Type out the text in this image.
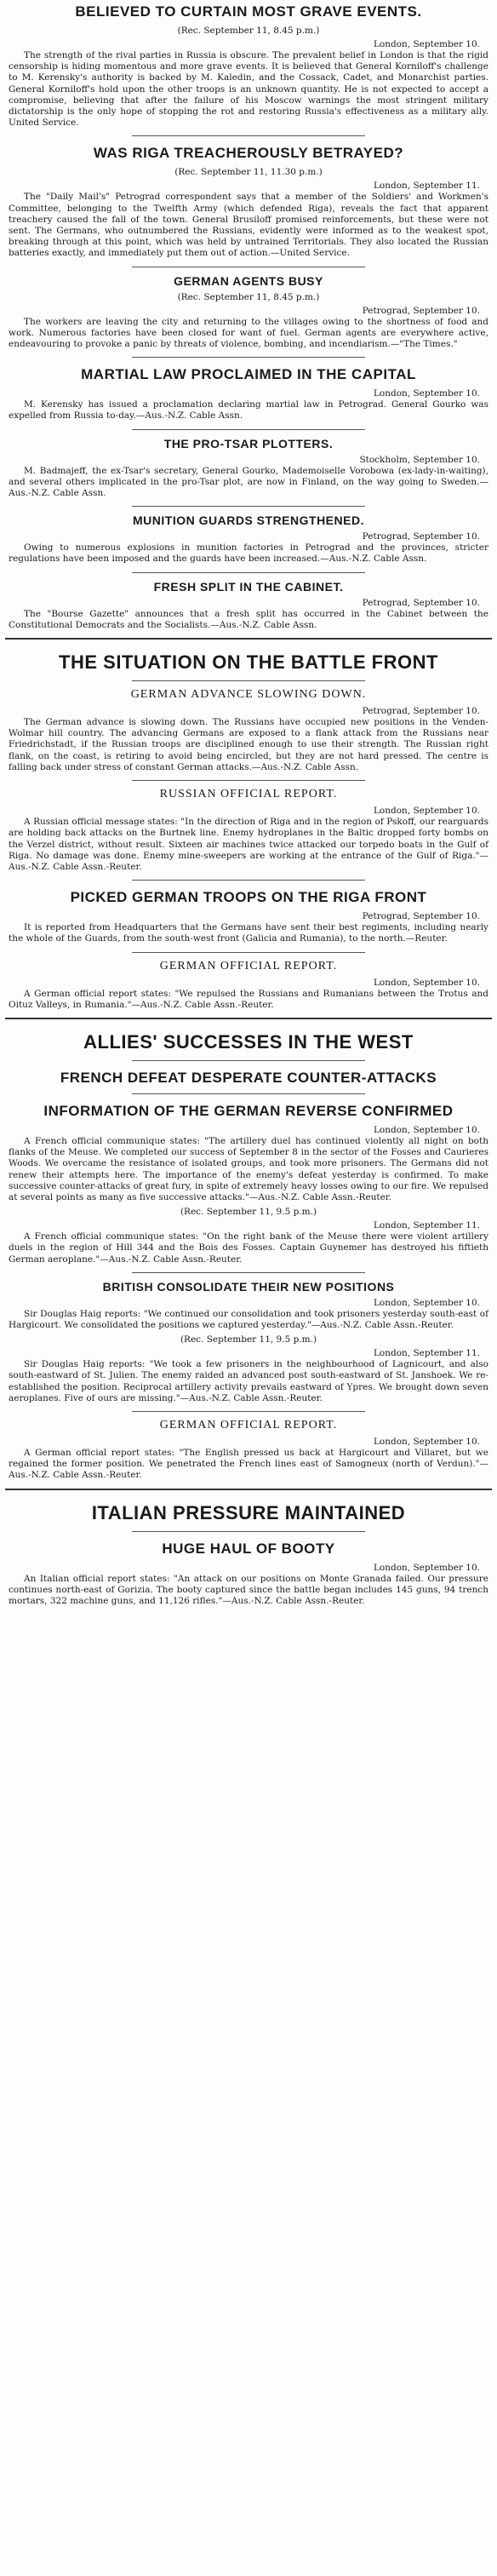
BELIEVED TO CURTAIN MOST GRAVE EVENTS.
(Rec. September 11, 8.45 p.m.)
London, September 10.

The strength of the rival parties in Russia is obscure. The prevalent belief in London is that the rigid censorship is hiding momentous and more grave events. It is believed that General Korniloff's challenge to M. Kerensky's authority is backed by M. Kaledin, and the Cossack, Cadet, and Monarchist parties. General Korniloff's hold upon the other troops is an unknown quantity. He is not expected to accept a compromise, believing that after the failure of his Moscow warnings the most stringent military dictatorship is the only hope of stopping the rot and restoring Russia's effectiveness as a military ally. United Service.

WAS RIGA TREACHEROUSLY BETRAYED?
(Rec. September 11, 11.30 p.m.)
London, September 11.

The "Daily Mail's" Petrograd correspondent says that a member of the Soldiers' and Workmen's Committee, belonging to the Twelfth Army (which defended Riga), reveals the fact that apparent treachery caused the fall of the town. General Brusiloff promised reinforcements, but these were not sent. The Germans, who outnumbered the Russians, evidently were informed as to the weakest spot, breaking through at this point, which was held by untrained Territorials. They also located the Russian batteries exactly, and immediately put them out of action.—United Service.

GERMAN AGENTS BUSY
(Rec. September 11, 8.45 p.m.)
Petrograd, September 10.

The workers are leaving the city and returning to the villages owing to the shortness of food and work. Numerous factories have been closed for want of fuel. German agents are everywhere active, endeavouring to provoke a panic by threats of violence, bombing, and incendiarism.—"The Times."

MARTIAL LAW PROCLAIMED IN THE CAPITAL
London, September 10.

M. Kerensky has issued a proclamation declaring martial law in Petrograd. General Gourko was expelled from Russia to-day.—Aus.-N.Z. Cable Assn.

THE PRO-TSAR PLOTTERS.
Stockholm, September 10.

M. Badmajeff, the ex-Tsar's secretary, General Gourko, Mademoiselle Vorobowa (ex-lady-in-waiting), and several others implicated in the pro-Tsar plot, are now in Finland, on the way going to Sweden.—Aus.-N.Z. Cable Assn.

MUNITION GUARDS STRENGTHENED.
Petrograd, September 10.

Owing to numerous explosions in munition factories in Petrograd and the provinces, stricter regulations have been imposed and the guards have been increased.—Aus.-N.Z. Cable Assn.

FRESH SPLIT IN THE CABINET.
Petrograd, September 10.

The "Bourse Gazette" announces that a fresh split has occurred in the Cabinet between the Constitutional Democrats and the Socialists.—Aus.-N.Z. Cable Assn.

THE SITUATION ON THE BATTLE FRONT
GERMAN ADVANCE SLOWING DOWN.
Petrograd, September 10.

The German advance is slowing down. The Russians have occupied new positions in the Venden-Wolmar hill country. The advancing Germans are exposed to a flank attack from the Russians near Friedrichstadt, if the Russian troops are disciplined enough to use their strength. The Russian right flank, on the coast, is retiring to avoid being encircled, but they are not hard pressed. The centre is falling back under stress of constant German attacks.—Aus.-N.Z. Cable Assn.

RUSSIAN OFFICIAL REPORT.
London, September 10.

A Russian official message states: "In the direction of Riga and in the region of Pskoff, our rearguards are holding back attacks on the Burtnek line. Enemy hydroplanes in the Baltic dropped forty bombs on the Verzel district, without result. Sixteen air machines twice attacked our torpedo boats in the Gulf of Riga. No damage was done. Enemy mine-sweepers are working at the entrance of the Gulf of Riga."—Aus.-N.Z. Cable Assn.-Reuter.

PICKED GERMAN TROOPS ON THE RIGA FRONT
Petrograd, September 10.

It is reported from Headquarters that the Germans have sent their best regiments, including nearly the whole of the Guards, from the south-west front (Galicia and Rumania), to the north.—Reuter.

GERMAN OFFICIAL REPORT.
London, September 10.

A German official report states: "We repulsed the Russians and Rumanians between the Trotus and Oituz Valleys, in Rumania."—Aus.-N.Z. Cable Assn.-Reuter.

ALLIES' SUCCESSES IN THE WEST
FRENCH DEFEAT DESPERATE COUNTER-ATTACKS
INFORMATION OF THE GERMAN REVERSE CONFIRMED
London, September 10.

A French official communique states: "The artillery duel has continued violently all night on both flanks of the Meuse. We completed our success of September 8 in the sector of the Fosses and Caurieres Woods. We overcame the resistance of isolated groups, and took more prisoners. The Germans did not renew their attempts here. The importance of the enemy's defeat yesterday is confirmed. To make successive counter-attacks of great fury, in spite of extremely heavy losses owing to our fire. We repulsed at several points as many as five successive attacks."—Aus.-N.Z. Cable Assn.-Reuter.

(Rec. September 11, 9.5 p.m.)
London, September 11.

A French official communique states: "On the right bank of the Meuse there were violent artillery duels in the region of Hill 344 and the Bois des Fosses. Captain Guynemer has destroyed his fiftieth German aeroplane."—Aus.-N.Z. Cable Assn.-Reuter.

BRITISH CONSOLIDATE THEIR NEW POSITIONS
London, September 10.

Sir Douglas Haig reports: "We continued our consolidation and took prisoners yesterday south-east of Hargicourt. We consolidated the positions we captured yesterday."—Aus.-N.Z. Cable Assn.-Reuter.

(Rec. September 11, 9.5 p.m.)
London, September 11.

Sir Douglas Haig reports: "We took a few prisoners in the neighbourhood of Lagnicourt, and also south-eastward of St. Julien. The enemy raided an advanced post south-eastward of St. Janshoek. We re-established the position. Reciprocal artillery activity prevails eastward of Ypres. We brought down seven aeroplanes. Five of ours are missing."—Aus.-N.Z. Cable Assn.-Reuter.

GERMAN OFFICIAL REPORT.
London, September 10.

A German official report states: "The English pressed us back at Hargicourt and Villaret, but we regained the former position. We penetrated the French lines east of Samogneux (north of Verdun)."—Aus.-N.Z. Cable Assn.-Reuter.

ITALIAN PRESSURE MAINTAINED
HUGE HAUL OF BOOTY
London, September 10.

An Italian official report states: "An attack on our positions on Monte Granada failed. Our pressure continues north-east of Gorizia. The booty captured since the battle began includes 145 guns, 94 trench mortars, 322 machine guns, and 11,126 rifles."—Aus.-N.Z. Cable Assn.-Reuter.
